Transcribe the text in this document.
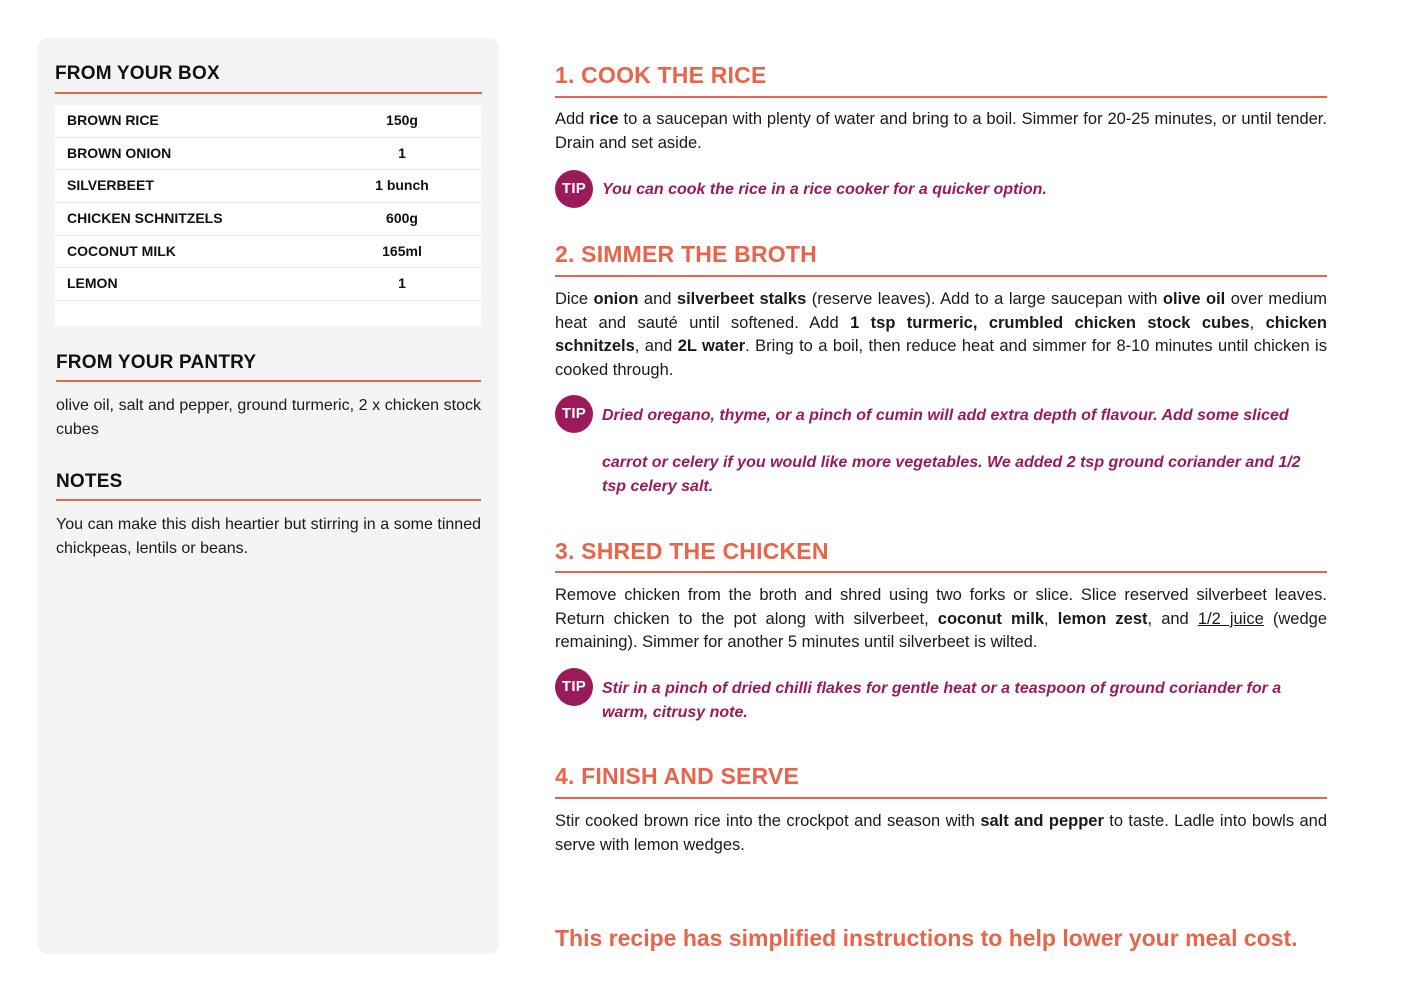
FROM YOUR BOX
BROWN RICE	150g
BROWN ONION	1
SILVERBEET	1 bunch
CHICKEN SCHNITZELS	600g
COCONUT MILK	165ml
LEMON	1
FROM YOUR PANTRY
olive oil, salt and pepper, ground turmeric, 2 x chicken stock cubes
NOTES
You can make this dish heartier but stirring in a some tinned chickpeas, lentils or beans.
1. COOK THE RICE
Add rice to a saucepan with plenty of water and bring to a boil. Simmer for 20-25 minutes, or until tender. Drain and set aside.
TIP You can cook the rice in a rice cooker for a quicker option.
2. SIMMER THE BROTH
Dice onion and silverbeet stalks (reserve leaves). Add to a large saucepan with olive oil over medium heat and sauté until softened. Add 1 tsp turmeric, crumbled chicken stock cubes, chicken schnitzels, and 2L water. Bring to a boil, then reduce heat and simmer for 8-10 minutes until chicken is cooked through.
TIP Dried oregano, thyme, or a pinch of cumin will add extra depth of flavour. Add some sliced
carrot or celery if you would like more vegetables. We added 2 tsp ground coriander and 1/2 tsp celery salt.
3. SHRED THE CHICKEN
Remove chicken from the broth and shred using two forks or slice. Slice reserved silverbeet leaves. Return chicken to the pot along with silverbeet, coconut milk, lemon zest, and 1/2 juice (wedge remaining). Simmer for another 5 minutes until silverbeet is wilted.
TIP Stir in a pinch of dried chilli flakes for gentle heat or a teaspoon of ground coriander for a warm, citrusy note.
4. FINISH AND SERVE
Stir cooked brown rice into the crockpot and season with salt and pepper to taste. Ladle into bowls and serve with lemon wedges.
This recipe has simplified instructions to help lower your meal cost.
